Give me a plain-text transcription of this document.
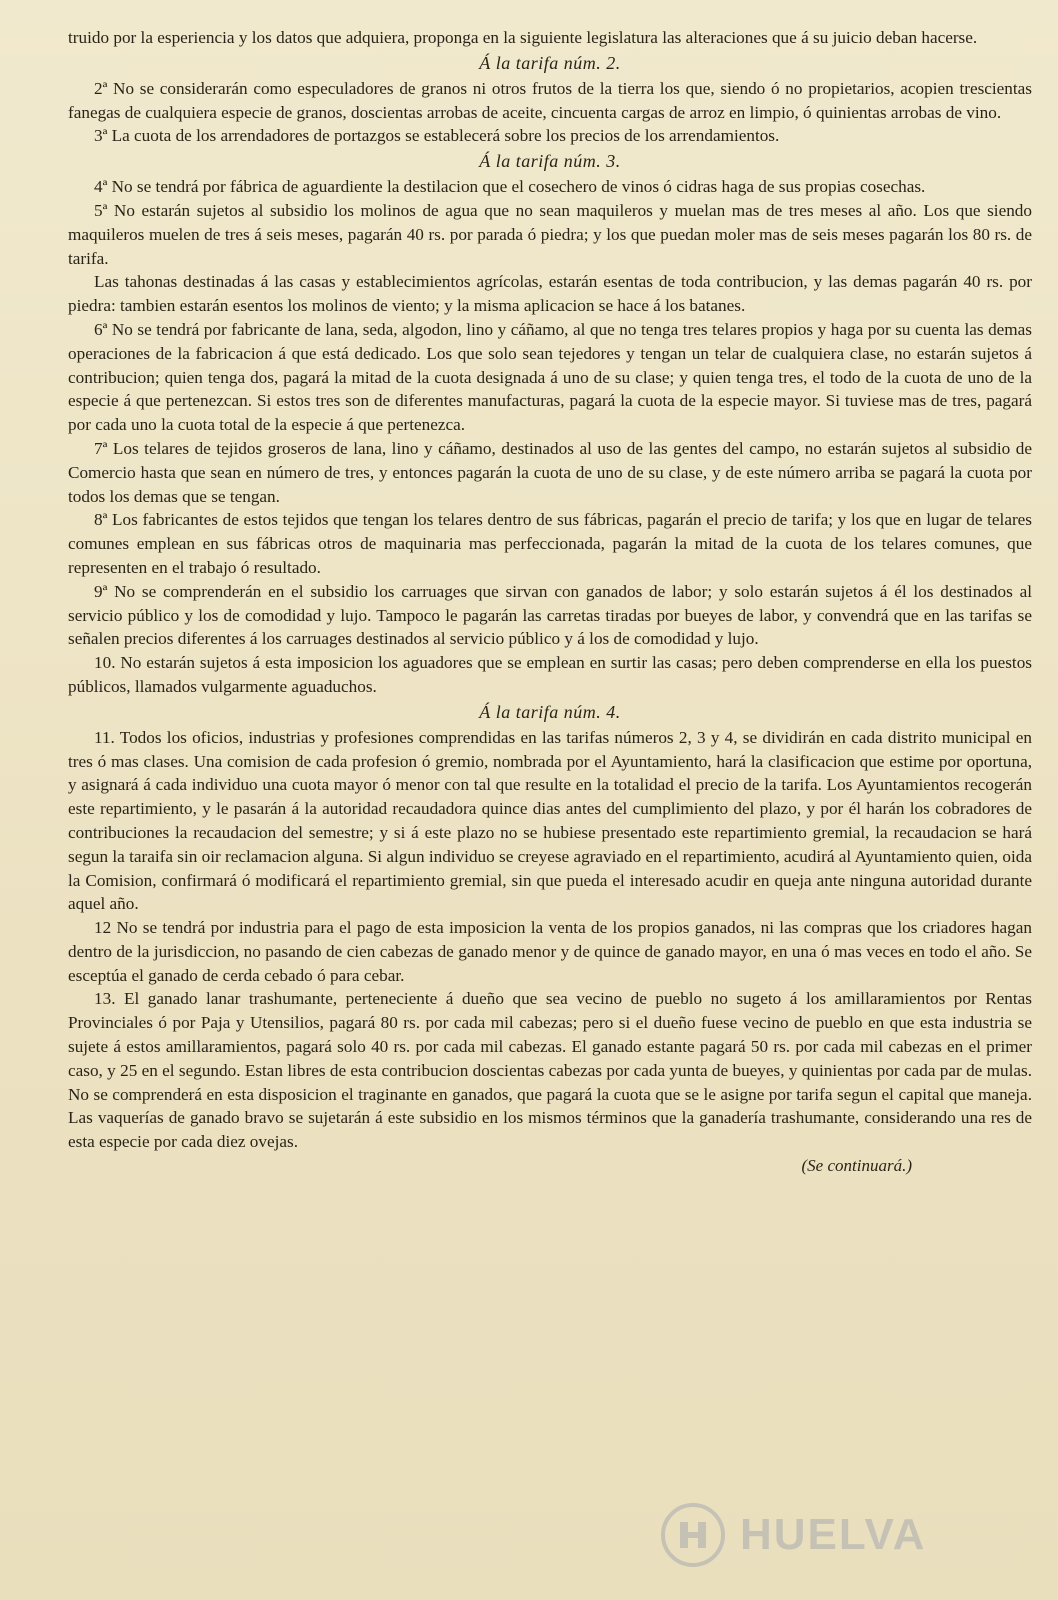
truido por la esperiencia y los datos que adquiera, proponga en la siguiente legislatura las alteraciones que á su juicio deban hacerse.

Á la tarifa núm. 2.

2ª No se considerarán como especuladores de granos ni otros frutos de la tierra los que, siendo ó no propietarios, acopien trescientas fanegas de cualquiera especie de granos, doscientas arrobas de aceite, cincuenta cargas de arroz en limpio, ó quinientas arrobas de vino.

3ª La cuota de los arrendadores de portazgos se establecerá sobre los precios de los arrendamientos.

Á la tarifa núm. 3.

4ª No se tendrá por fábrica de aguardiente la destilacion que el cosechero de vinos ó cidras haga de sus propias cosechas.

5ª No estarán sujetos al subsidio los molinos de agua que no sean maquileros y muelan mas de tres meses al año. Los que siendo maquileros muelen de tres á seis meses, pagarán 40 rs. por parada ó piedra; y los que puedan moler mas de seis meses pagarán los 80 rs. de tarifa.

Las tahonas destinadas á las casas y establecimientos agrícolas, estarán esentas de toda contribucion, y las demas pagarán 40 rs. por piedra: tambien estarán esentos los molinos de viento; y la misma aplicacion se hace á los batanes.

6ª No se tendrá por fabricante de lana, seda, algodon, lino y cáñamo, al que no tenga tres telares propios y haga por su cuenta las demas operaciones de la fabricacion á que está dedicado. Los que solo sean tejedores y tengan un telar de cualquiera clase, no estarán sujetos á contribucion; quien tenga dos, pagará la mitad de la cuota designada á uno de su clase; y quien tenga tres, el todo de la cuota de uno de la especie á que pertenezcan. Si estos tres son de diferentes manufacturas, pagará la cuota de la especie mayor. Si tuviese mas de tres, pagará por cada uno la cuota total de la especie á que pertenezca.

7ª Los telares de tejidos groseros de lana, lino y cáñamo, destinados al uso de las gentes del campo, no estarán sujetos al subsidio de Comercio hasta que sean en número de tres, y entonces pagarán la cuota de uno de su clase, y de este número arriba se pagará la cuota por todos los demas que se tengan.

8ª Los fabricantes de estos tejidos que tengan los telares dentro de sus fábricas, pagarán el precio de tarifa; y los que en lugar de telares comunes emplean en sus fábricas otros de maquinaria mas perfeccionada, pagarán la mitad de la cuota de los telares comunes, que representen en el trabajo ó resultado.

9ª No se comprenderán en el subsidio los carruages que sirvan con ganados de labor; y solo estarán sujetos á él los destinados al servicio público y los de comodidad y lujo. Tampoco le pagarán las carretas tiradas por bueyes de labor, y convendrá que en las tarifas se señalen precios diferentes á los carruages destinados al servicio público y á los de comodidad y lujo.

10. No estarán sujetos á esta imposicion los aguadores que se emplean en surtir las casas; pero deben comprenderse en ella los puestos públicos, llamados vulgarmente aguaduchos.

Á la tarifa núm. 4.

11. Todos los oficios, industrias y profesiones comprendidas en las tarifas números 2, 3 y 4, se dividirán en cada distrito municipal en tres ó mas clases. Una comision de cada profesion ó gremio, nombrada por el Ayuntamiento, hará la clasificacion que estime por oportuna, y asignará á cada individuo una cuota mayor ó menor con tal que resulte en la totalidad el precio de la tarifa. Los Ayuntamientos recogerán este repartimiento, y le pasarán á la autoridad recaudadora quince dias antes del cumplimiento del plazo, y por él harán los cobradores de contribuciones la recaudacion del semestre; y si á este plazo no se hubiese presentado este repartimiento gremial, la recaudacion se hará segun la taraifa sin oir reclamacion alguna. Si algun individuo se creyese agraviado en el repartimiento, acudirá al Ayuntamiento quien, oida la Comision, confirmará ó modificará el repartimiento gremial, sin que pueda el interesado acudir en queja ante ninguna autoridad durante aquel año.

12 No se tendrá por industria para el pago de esta imposicion la venta de los propios ganados, ni las compras que los criadores hagan dentro de la jurisdiccion, no pasando de cien cabezas de ganado menor y de quince de ganado mayor, en una ó mas veces en todo el año. Se esceptúa el ganado de cerda cebado ó para cebar.

13. El ganado lanar trashumante, perteneciente á dueño que sea vecino de pueblo no sugeto á los amillaramientos por Rentas Provinciales ó por Paja y Utensilios, pagará 80 rs. por cada mil cabezas; pero si el dueño fuese vecino de pueblo en que esta industria se sujete á estos amillaramientos, pagará solo 40 rs. por cada mil cabezas. El ganado estante pagará 50 rs. por cada mil cabezas en el primer caso, y 25 en el segundo. Estan libres de esta contribucion doscientas cabezas por cada yunta de bueyes, y quinientas por cada par de mulas. No se comprenderá en esta disposicion el traginante en ganados, que pagará la cuota que se le asigne por tarifa segun el capital que maneja. Las vaquerías de ganado bravo se sujetarán á este subsidio en los mismos términos que la ganadería trashumante, considerando una res de esta especie por cada diez ovejas.

(Se continuará.)

HUELVA
